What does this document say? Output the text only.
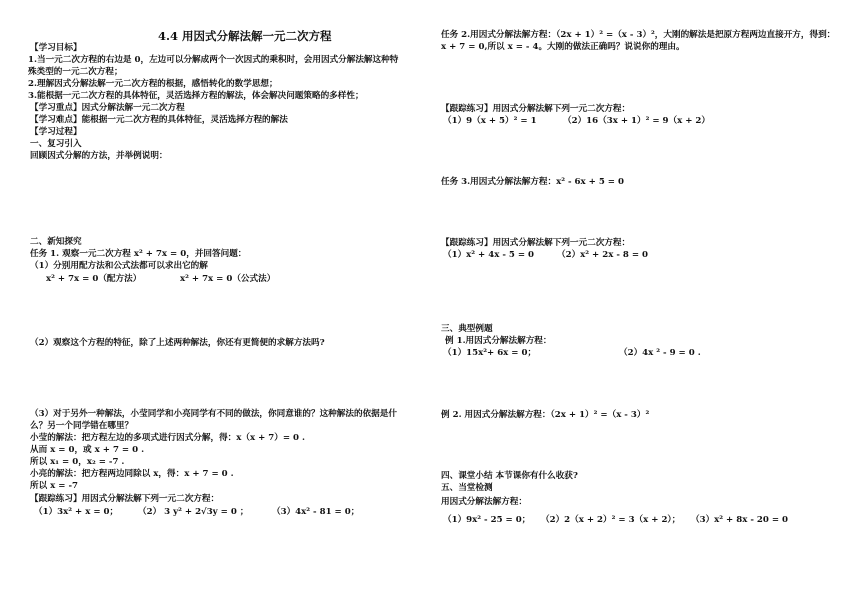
4.4 用因式分解法解一元二次方程
【学习目标】
1.当一元二次方程的右边是 0，左边可以分解成两个一次因式的乘积时，会用因式分解法解这种特
殊类型的一元二次方程；
2.理解因式分解法解一元二次方程的根据，感悟转化的数学思想；
3.能根据一元二次方程的具体特征，灵活选择方程的解法，体会解决问题策略的多样性；
【学习重点】因式分解法解一元二次方程
【学习难点】能根据一元二次方程的具体特征，灵活选择方程的解法
【学习过程】
一、复习引入
回顾因式分解的方法，并举例说明：
二、新知探究
任务 1. 观察一元二次方程 x² + 7x = 0，并回答问题：
（1）分别用配方法和公式法都可以求出它的解
x² + 7x = 0（配方法）	x² + 7x = 0（公式法）
（2）观察这个方程的特征，除了上述两种解法，你还有更简便的求解方法吗?
（3）对于另外一种解法，小莹同学和小亮同学有不同的做法，你同意谁的？这种解法的依据是什
么？另一个同学错在哪里？
小莹的解法：把方程左边的多项式进行因式分解，得：x（x + 7）= 0 .
从而 x = 0，或 x + 7 = 0 .
所以 x₁ = 0，x₂ = -7 .
小亮的解法：把方程两边同除以 x，得：x + 7 = 0 .
所以 x = -7
【跟踪练习】用因式分解法解下列一元二次方程：
（1）3x² + x = 0； （2） 3 y² + 2√3y = 0 ；	（3）4x² - 81 = 0；
任务 2.用因式分解法解方程：（2x + 1）² =（x - 3）²，大刚的解法是把原方程两边直接开方，得到：
x + 7 = 0,所以 x = - 4。大刚的做法正确吗？说说你的理由。
【跟踪练习】用因式分解法解下列一元二次方程：
（1）9（x + 5）² = 1	（2）16（3x + 1）² = 9（x + 2）
任务 3.用因式分解法解方程：x² - 6x + 5 = 0
【跟踪练习】用因式分解法解下列一元二次方程：
（1）x² + 4x - 5 = 0	（2）x² + 2x - 8 = 0
三、典型例题
例 1.用因式分解法解方程：
（1）15x²+ 6x = 0；	（2）4x ² - 9 = 0 .
例 2. 用因式分解法解方程：（2x + 1）² =（x - 3）²
四、课堂小结 本节课你有什么收获?
五、当堂检测
用因式分解法解方程：
（1）9x² - 25 = 0； （2）2（x + 2）² = 3（x + 2）； （3）x² + 8x - 20 = 0
